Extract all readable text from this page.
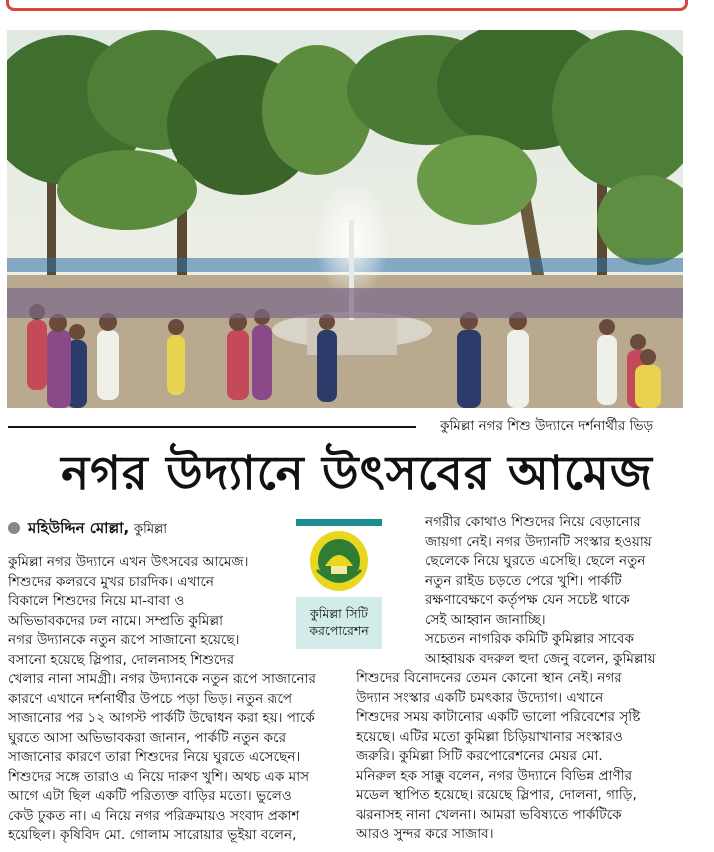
কুমিল্লা নগর শিশু উদ্যানে দর্শনার্থীর ভিড়
নগর উদ্যানে উৎসবের আমেজ
মহিউদ্দিন মোল্লা, কুমিল্লা
কুমিল্লা সিটি
করপোরেশন

কুমিল্লা নগর উদ্যানে এখন উৎসবের আমেজ।

শিশুদের কলরবে মুখর চারদিক। এখানে

বিকালে শিশুদের নিয়ে মা-বাবা ও

অভিভাবকদের ঢল নামে। সম্প্রতি কুমিল্লা

নগর উদ্যানকে নতুন রূপে সাজানো হয়েছে।

বসানো হয়েছে স্লিপার, দোলনাসহ শিশুদের

খেলার নানা সামগ্রী। নগর উদ্যানকে নতুন রূপে সাজানোর

কারণে এখানে দর্শনার্থীর উপচে পড়া ভিড়। নতুন রূপে

সাজানোর পর ১২ আগস্ট পার্কটি উদ্বোধন করা হয়। পার্কে

ঘুরতে আসা অভিভাবকরা জানান, পার্কটি নতুন করে

সাজানোর কারণে তারা শিশুদের নিয়ে ঘুরতে এসেছেন।

শিশুদের সঙ্গে তারাও এ নিয়ে দারুণ খুশি। অথচ এক মাস

আগে এটা ছিল একটি পরিত্যক্ত বাড়ির মতো। ভুলেও

কেউ ঢুকত না। এ নিয়ে নগর পরিক্রমায়ও সংবাদ প্রকাশ

হয়েছিল। কৃষিবিদ মো. গোলাম সারোয়ার ভূইয়া বলেন,

নগরীর কোথাও শিশুদের নিয়ে বেড়ানোর

জায়গা নেই। নগর উদ্যানটি সংস্কার হওয়ায়

ছেলেকে নিয়ে ঘুরতে এসেছি। ছেলে নতুন

নতুন রাইড চড়তে পেরে খুশি। পার্কটি

রক্ষণাবেক্ষণে কর্তৃপক্ষ যেন সচেষ্ট থাকে

সেই আহ্বান জানাচ্ছি।

সচেতন নাগরিক কমিটি কুমিল্লার সাবেক

আহ্বায়ক বদরুল হুদা জেনু বলেন, কুমিল্লায়

শিশুদের বিনোদনের তেমন কোনো স্থান নেই। নগর

উদ্যান সংস্কার একটি চমৎকার উদ্যোগ। এখানে

শিশুদের সময় কাটানোর একটি ভালো পরিবেশের সৃষ্টি

হয়েছে। এটির মতো কুমিল্লা চিড়িয়াখানার সংস্কারও

জরুরি। কুমিল্লা সিটি করপোরেশনের মেয়র মো.

মনিরুল হক সাক্কু বলেন, নগর উদ্যানে বিভিন্ন প্রাণীর

মডেল স্থাপিত হয়েছে। রয়েছে স্লিপার, দোলনা, গাড়ি,

ঝরনাসহ নানা খেলনা। আমরা ভবিষ্যতে পার্কটিকে

আরও সুন্দর করে সাজাব।
